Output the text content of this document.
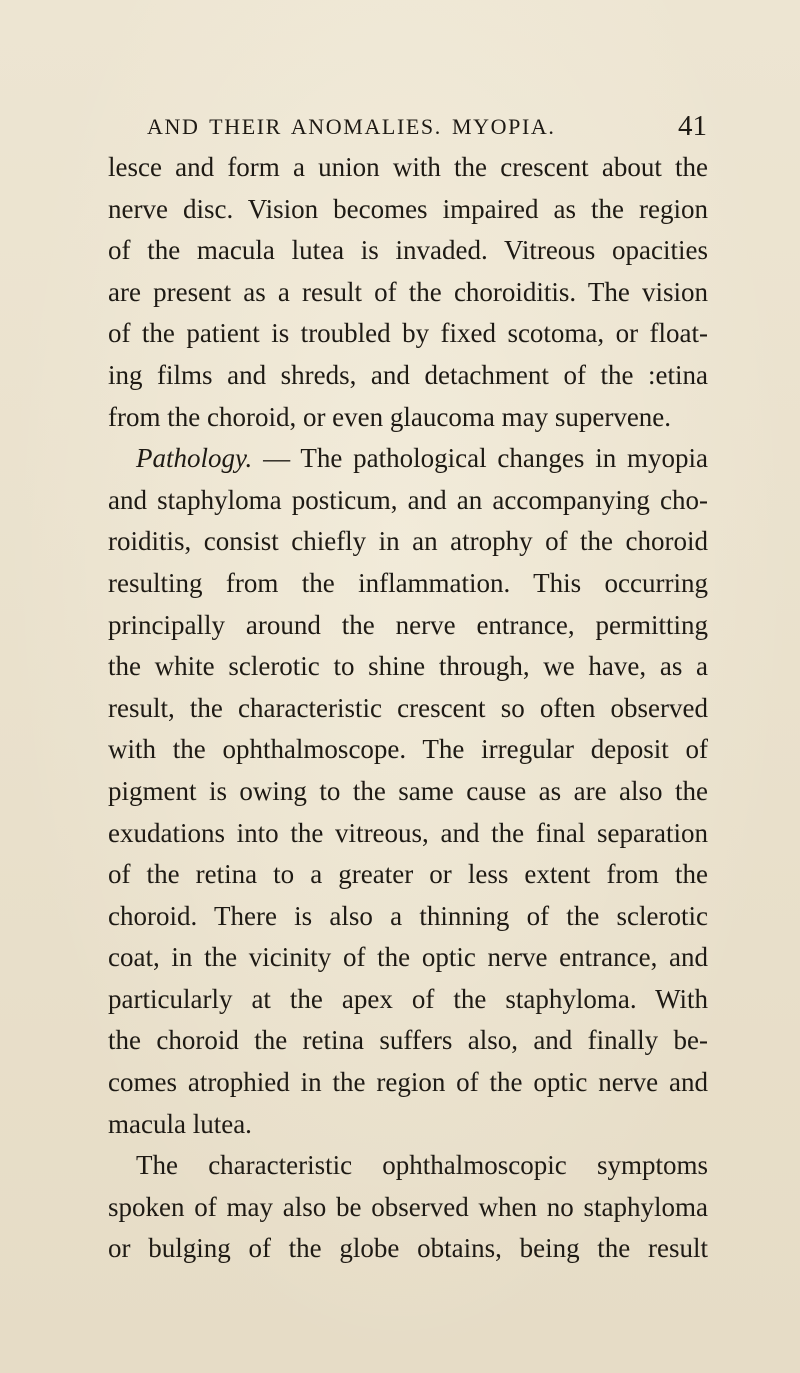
AND THEIR ANOMALIES. MYOPIA.	41
lesce and form a union with the crescent about the
nerve disc. Vision becomes impaired as the region
of the macula lutea is invaded. Vitreous opacities
are present as a result of the choroiditis. The vision
of the patient is troubled by fixed scotoma, or float-
ing films and shreds, and detachment of the :etina
from the choroid, or even glaucoma may supervene.
Pathology. — The pathological changes in myopia
and staphyloma posticum, and an accompanying cho-
roiditis, consist chiefly in an atrophy of the choroid
resulting from the inflammation. This occurring
principally around the nerve entrance, permitting
the white sclerotic to shine through, we have, as a
result, the characteristic crescent so often observed
with the ophthalmoscope. The irregular deposit of
pigment is owing to the same cause as are also the
exudations into the vitreous, and the final separation
of the retina to a greater or less extent from the
choroid. There is also a thinning of the sclerotic
coat, in the vicinity of the optic nerve entrance, and
particularly at the apex of the staphyloma. With
the choroid the retina suffers also, and finally be-
comes atrophied in the region of the optic nerve and
macula lutea.
The characteristic ophthalmoscopic symptoms
spoken of may also be observed when no staphyloma
or bulging of the globe obtains, being the result
